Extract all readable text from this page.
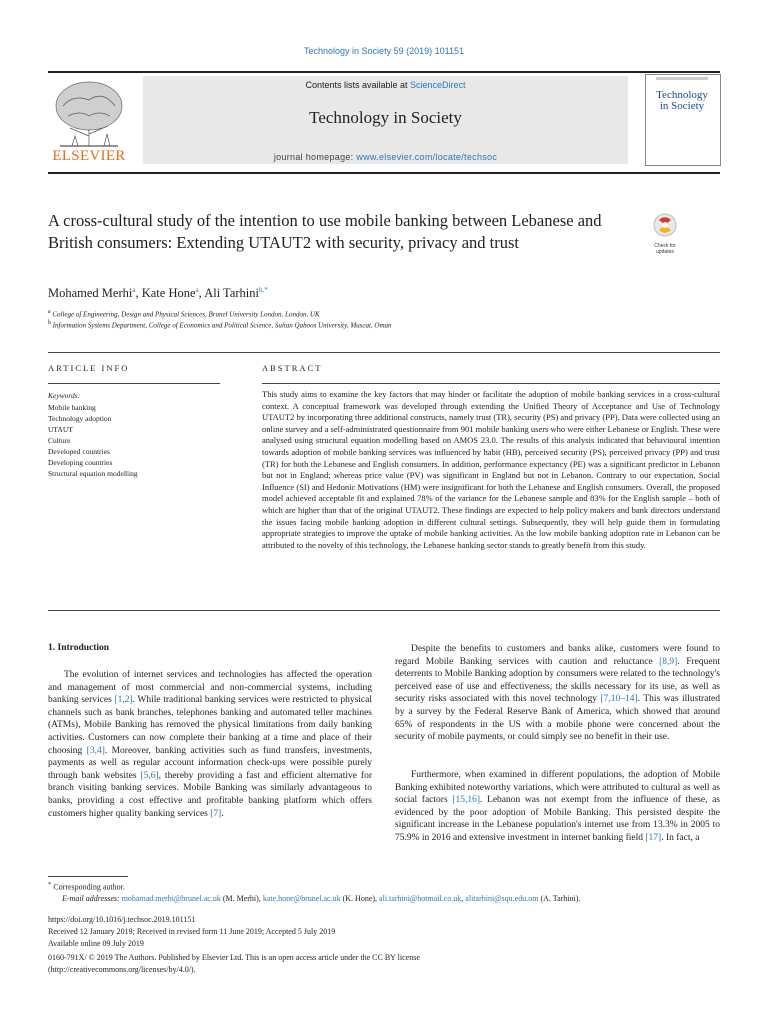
Technology in Society 59 (2019) 101151
ELSEVIER
Contents lists available at ScienceDirect
Technology in Society
journal homepage: www.elsevier.com/locate/techsoc
Technology
in Society
A cross-cultural study of the intention to use mobile banking between Lebanese and British consumers: Extending UTAUT2 with security, privacy and trust	Check for
updates
Mohamed Merhi$^a$, Kate Hone$^a$, Ali Tarhini$^{b,*}$
$^a$ College of Engineering, Design and Physical Sciences, Brunel University London, London, UK
$^b$ Information Systems Department, College of Economics and Political Science, Sultan Qaboos University, Muscat, Oman
ARTICLE INFO	ABSTRACT
Keywords:
Mobile banking
Technology adoption
UTAUT
Culture
Developed countries
Developing countries
Structural equation modelling
This study aims to examine the key factors that may hinder or facilitate the adoption of mobile banking services in a cross-cultural context. A conceptual framework was developed through extending the Unified Theory of Acceptance and Use of Technology UTAUT2 by incorporating three additional constructs, namely trust (TR), security (PS) and privacy (PP). Data were collected using an online survey and a self-administrated questionnaire from 901 mobile banking users who were either Lebanese or English. These were analysed using structural equation modelling based on AMOS 23.0. The results of this analysis indicated that behavioural intention towards adoption of mobile banking services was influenced by habit (HB), perceived security (PS), perceived privacy (PP) and trust (TR) for both the Lebanese and English consumers. In addition, performance expectancy (PE) was a significant predictor in Lebanon but not in England; whereas price value (PV) was significant in England but not in Lebanon. Contrary to our expectation, Social Influence (SI) and Hedonic Motivations (HM) were insignificant for both the Lebanese and English consumers. Overall, the proposed model achieved acceptable fit and explained 78% of the variance for the Lebanese sample and 83% for the English sample – both of which are higher than that of the original UTAUT2. These findings are expected to help policy makers and bank directors understand the issues facing mobile banking adoption in different cultural settings. Subsequently, they will help guide them in formulating appropriate strategies to improve the uptake of mobile banking activities. As the low mobile banking adoption rate in Lebanon can be attributed to the novelty of this technology, the Lebanese banking sector stands to greatly benefit from this study.
1. Introduction
The evolution of internet services and technologies has affected the operation and management of most commercial and non-commercial systems, including banking services [1,2]. While traditional banking services were restricted to physical channels such as bank branches, telephones banking and automated teller machines (ATMs), Mobile Banking has removed the physical limitations from daily banking activities. Customers can now complete their banking at a time and place of their choosing [3,4]. Moreover, banking activities such as fund transfers, investments, payments as well as regular account information check-ups were possible purely through bank websites [5,6], thereby providing a fast and efficient alternative for branch visiting banking services. Mobile Banking was similarly advantageous to banks, providing a cost effective and profitable banking platform which offers customers higher quality banking services [7].
Despite the benefits to customers and banks alike, customers were found to regard Mobile Banking services with caution and reluctance [8,9]. Frequent deterrents to Mobile Banking adoption by consumers were related to the technology's perceived ease of use and effectiveness, the skills necessary for its use, as well as security risks associated with this novel technology [7,10–14]. This was illustrated by a survey by the Federal Reserve Bank of America, which showed that around 65% of respondents in the US with a mobile phone were concerned about the security of mobile payments, or could simply see no benefit in their use.
Furthermore, when examined in different populations, the adoption of Mobile Banking exhibited noteworthy variations, which were attributed to cultural as well as social factors [15,16]. Lebanon was not exempt from the influence of these, as evidenced by the poor adoption of Mobile Banking. This persisted despite the significant increase in the Lebanese population's internet use from 13.3% in 2005 to 75.9% in 2016 and extensive investment in internet banking field [17]. In fact, a
* Corresponding author.
E-mail addresses: mohamad.merhi@brunel.ac.uk (M. Merhi), kate.hone@brunel.ac.uk (K. Hone), ali.tarhini@hotmail.co.uk, alitarhini@squ.edu.om (A. Tarhini).
https://doi.org/10.1016/j.techsoc.2019.101151
Received 12 January 2019; Received in revised form 11 June 2019; Accepted 5 July 2019
Available online 09 July 2019
0160-791X/ © 2019 The Authors. Published by Elsevier Ltd. This is an open access article under the CC BY license
(http://creativecommons.org/licenses/by/4.0/).
